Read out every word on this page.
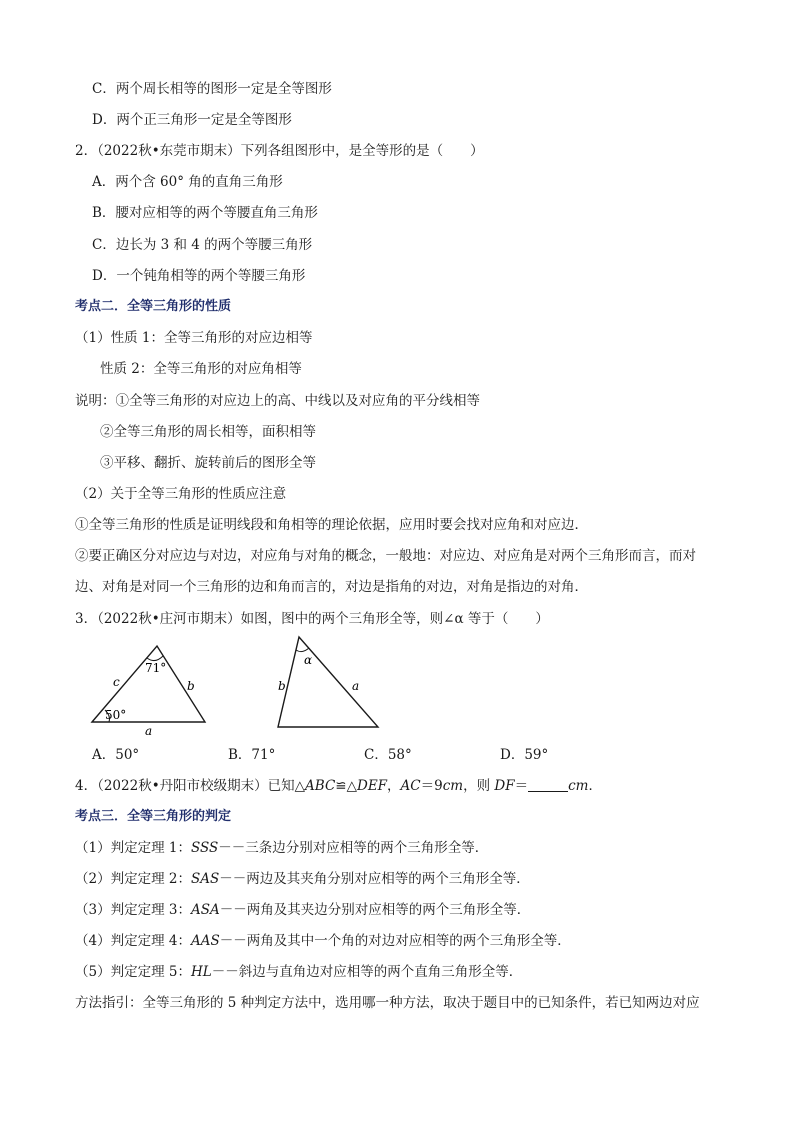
C．两个周长相等的图形一定是全等图形
D．两个正三角形一定是全等图形
2．（2022秋•东莞市期末）下列各组图形中，是全等形的是（　　）
A．两个含 60° 角的直角三角形
B．腰对应相等的两个等腰直角三角形
C．边长为 3 和 4 的两个等腰三角形
D．一个钝角相等的两个等腰三角形
考点二．全等三角形的性质
（1）性质 1：全等三角形的对应边相等
性质 2：全等三角形的对应角相等
说明：①全等三角形的对应边上的高、中线以及对应角的平分线相等
②全等三角形的周长相等，面积相等
③平移、翻折、旋转前后的图形全等
（2）关于全等三角形的性质应注意
①全等三角形的性质是证明线段和角相等的理论依据，应用时要会找对应角和对应边．
②要正确区分对应边与对边，对应角与对角的概念，一般地：对应边、对应角是对两个三角形而言，而对
边、对角是对同一个三角形的边和角而言的，对边是指角的对边，对角是指边的对角．
3．（2022秋•庄河市期末）如图，图中的两个三角形全等，则∠α 等于（　　）
71°
50°
c	b
a
α
b	a
A．50°	B．71°	C．58°	D．59°
4．（2022秋•丹阳市校级期末）已知△ABC≌△DEF，AC＝9cm，则 DF＝	cm．
考点三．全等三角形的判定
（1）判定定理 1：SSS－－三条边分别对应相等的两个三角形全等．
（2）判定定理 2：SAS－－两边及其夹角分别对应相等的两个三角形全等．
（3）判定定理 3：ASA－－两角及其夹边分别对应相等的两个三角形全等．
（4）判定定理 4：AAS－－两角及其中一个角的对边对应相等的两个三角形全等．
（5）判定定理 5：HL－－斜边与直角边对应相等的两个直角三角形全等．
方法指引：全等三角形的 5 种判定方法中，选用哪一种方法，取决于题目中的已知条件，若已知两边对应
